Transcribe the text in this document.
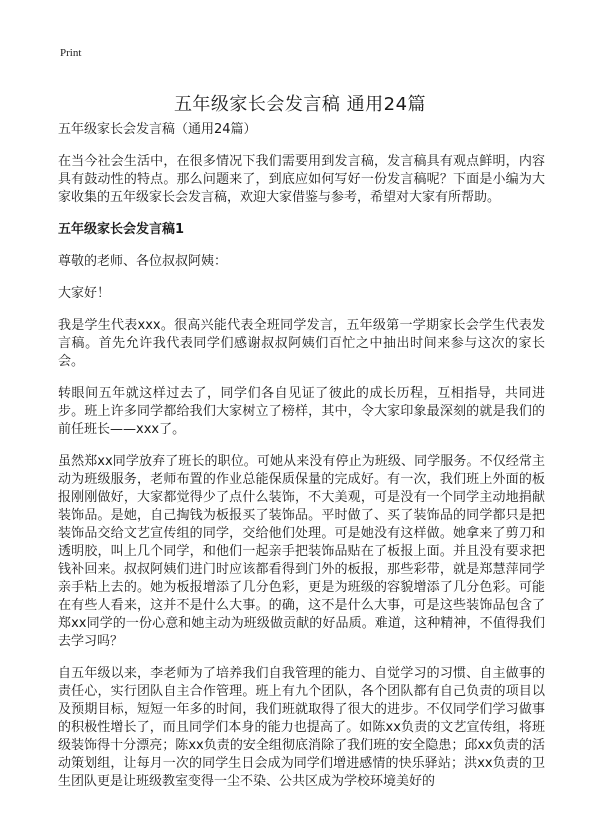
Print
五年级家长会发言稿 通用24篇

五年级家长会发言稿（通用24篇）

在当今社会生活中，在很多情况下我们需要用到发言稿，发言稿具有观点鲜明，内容具有鼓动性的特点。那么问题来了，到底应如何写好一份发言稿呢？下面是小编为大家收集的五年级家长会发言稿，欢迎大家借鉴与参考，希望对大家有所帮助。

五年级家长会发言稿1

尊敬的老师、各位叔叔阿姨：

大家好！

我是学生代表xxx。很高兴能代表全班同学发言，五年级第一学期家长会学生代表发言稿。首先允许我代表同学们感谢叔叔阿姨们百忙之中抽出时间来参与这次的家长会。

转眼间五年就这样过去了，同学们各自见证了彼此的成长历程，互相指导，共同进步。班上许多同学都给我们大家树立了榜样，其中，令大家印象最深刻的就是我们的前任班长——xxx了。

虽然郑xx同学放弃了班长的职位。可她从来没有停止为班级、同学服务。不仅经常主动为班级服务，老师布置的作业总能保质保量的完成好。有一次，我们班上外面的板报刚刚做好，大家都觉得少了点什么装饰，不大美观，可是没有一个同学主动地捐献装饰品。是她，自己掏钱为板报买了装饰品。平时做了、买了装饰品的同学都只是把装饰品交给文艺宣传组的同学，交给他们处理。可是她没有这样做。她拿来了剪刀和透明胶，叫上几个同学，和他们一起亲手把装饰品贴在了板报上面。并且没有要求把钱补回来。叔叔阿姨们进门时应该都看得到门外的板报，那些彩带，就是郑慧萍同学亲手粘上去的。她为板报增添了几分色彩，更是为班级的容貌增添了几分色彩。可能在有些人看来，这并不是什么大事。的确，这不是什么大事，可是这些装饰品包含了郑xx同学的一份心意和她主动为班级做贡献的好品质。难道，这种精神，不值得我们去学习吗？

自五年级以来，李老师为了培养我们自我管理的能力、自觉学习的习惯、自主做事的责任心，实行团队自主合作管理。班上有九个团队，各个团队都有自己负责的项目以及预期目标，短短一年多的时间，我们班就取得了很大的进步。不仅同学们学习做事的积极性增长了，而且同学们本身的能力也提高了。如陈xx负责的文艺宣传组，将班级装饰得十分漂亮；陈xx负责的安全组彻底消除了我们班的安全隐患；邱xx负责的活动策划组，让每月一次的同学生日会成为同学们增进感情的快乐驿站；洪xx负责的卫生团队更是让班级教室变得一尘不染、公共区成为学校环境美好的
